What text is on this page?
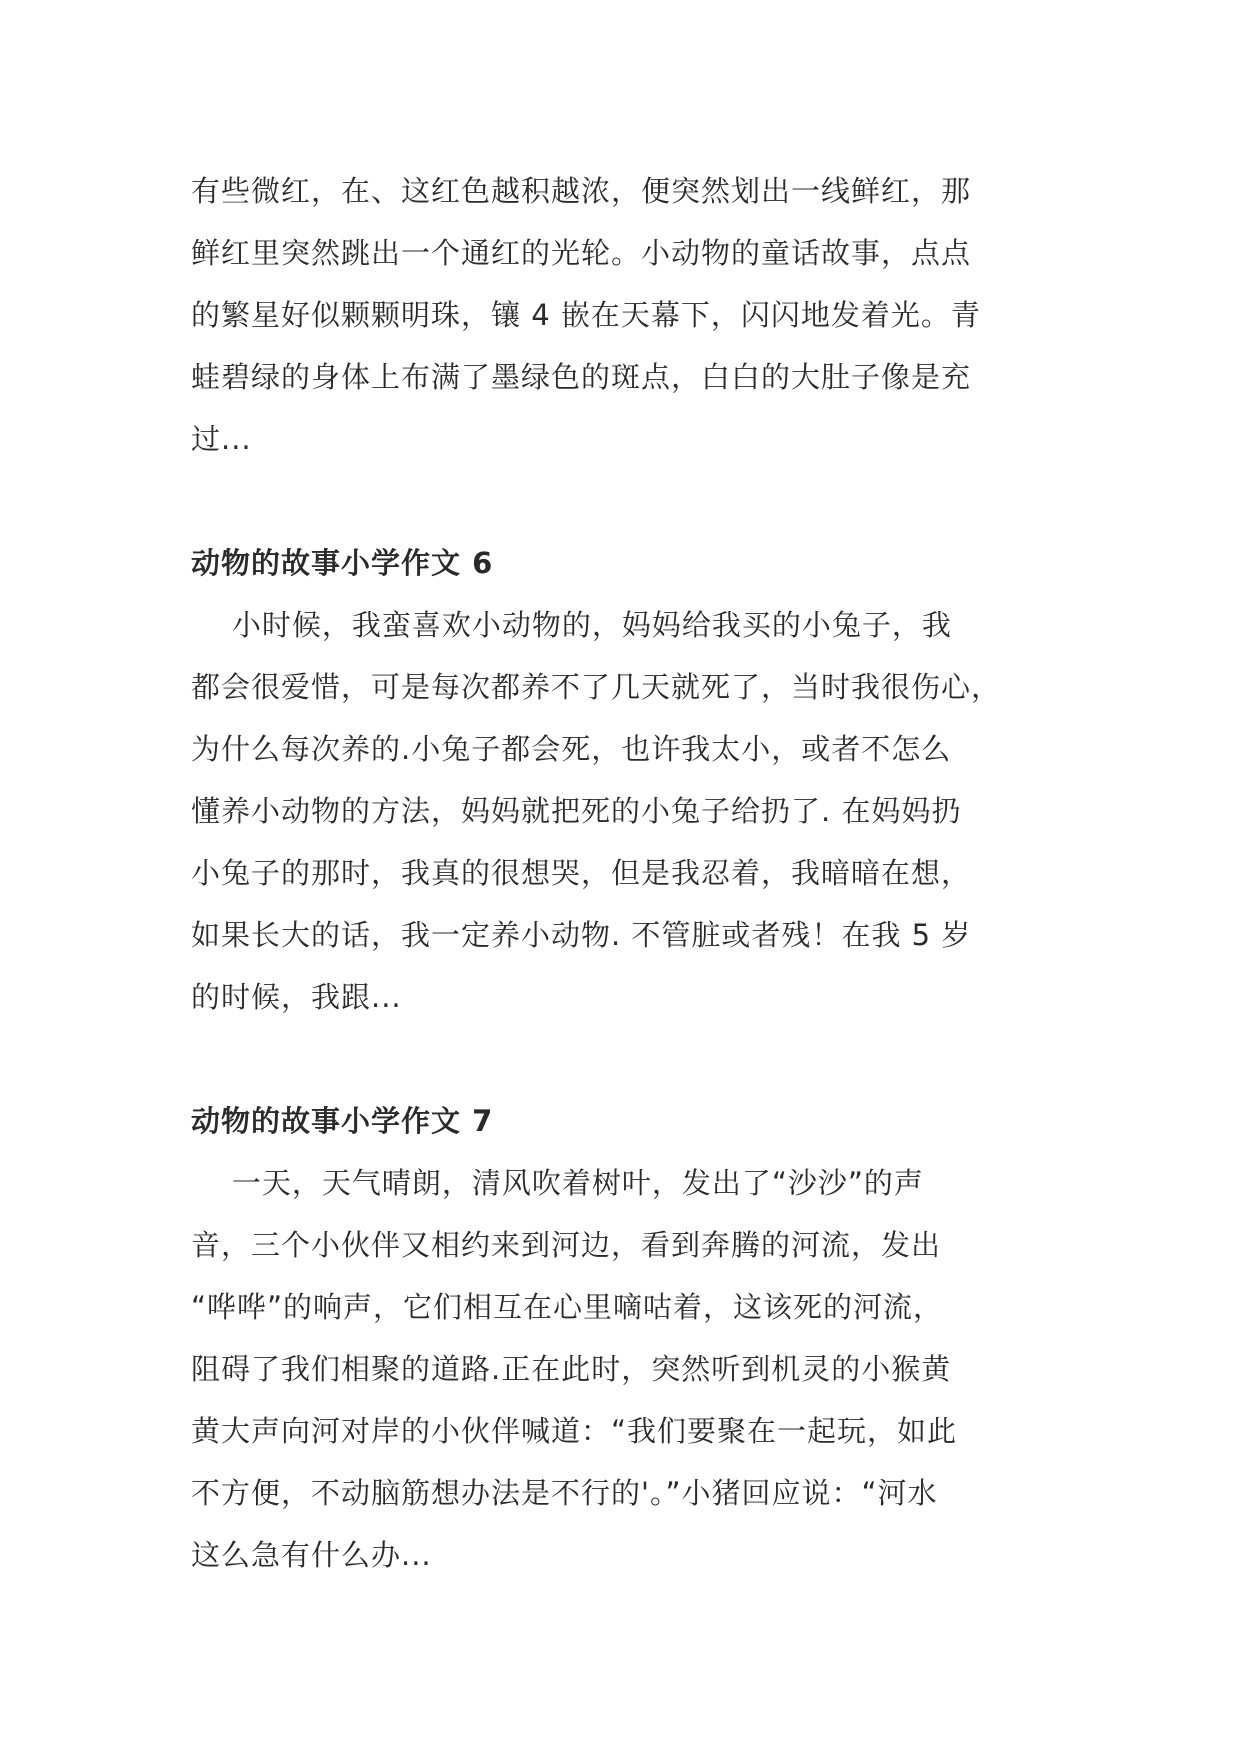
有些微红，在、这红色越积越浓，便突然划出一线鲜红，那

鲜红里突然跳出一个通红的光轮。小动物的童话故事，点点

的繁星好似颗颗明珠，镶 4 嵌在天幕下，闪闪地发着光。青

蛙碧绿的身体上布满了墨绿色的斑点，白白的大肚子像是充

过...

动物的故事小学作文 6

小时候，我蛮喜欢小动物的，妈妈给我买的小兔子，我

都会很爱惜，可是每次都养不了几天就死了，当时我很伤心，

为什么每次养的.小兔子都会死，也许我太小，或者不怎么

懂养小动物的方法，妈妈就把死的小兔子给扔了. 在妈妈扔

小兔子的那时，我真的很想哭，但是我忍着，我暗暗在想，

如果长大的话，我一定养小动物. 不管脏或者残！在我 5 岁

的时候，我跟...

动物的故事小学作文 7

一天，天气晴朗，清风吹着树叶，发出了“沙沙”的声

音，三个小伙伴又相约来到河边，看到奔腾的河流，发出

“哗哗”的响声，它们相互在心里嘀咕着，这该死的河流，

阻碍了我们相聚的道路.正在此时，突然听到机灵的小猴黄

黄大声向河对岸的小伙伴喊道：“我们要聚在一起玩，如此

不方便，不动脑筋想办法是不行的'。”小猪回应说：“河水

这么急有什么办...
